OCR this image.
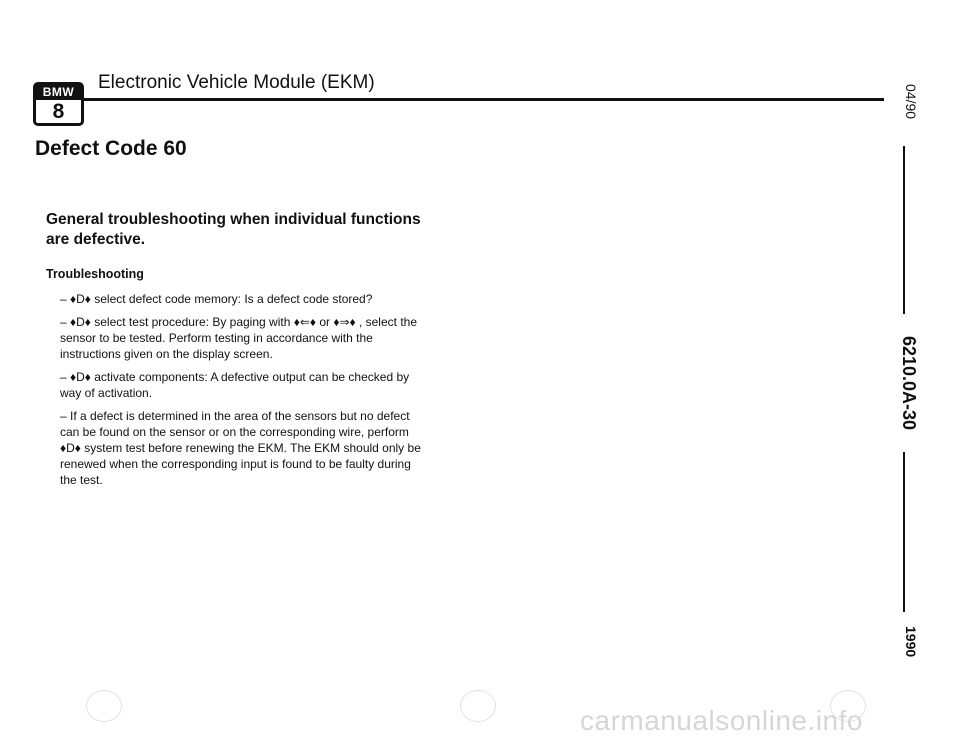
BMW
8
Electronic Vehicle Module (EKM)
Defect Code 60
General troubleshooting when individual functions are defective.
Troubleshooting
– ♦D♦ select defect code memory: Is a defect code stored?
– ♦D♦ select test procedure: By paging with ♦⇐♦ or ♦⇒♦ , select the sensor to be tested. Perform testing in accordance with the instructions given on the display screen.
– ♦D♦ activate components: A defective output can be checked by way of activation.
– If a defect is determined in the area of the sensors but no defect can be found on the sensor or on the corresponding wire, perform ♦D♦ system test before renewing the EKM. The EKM should only be renewed when the corresponding input is found to be faulty during the test.
04/90
6210.0A-30
1990
carmanualsonline.info
